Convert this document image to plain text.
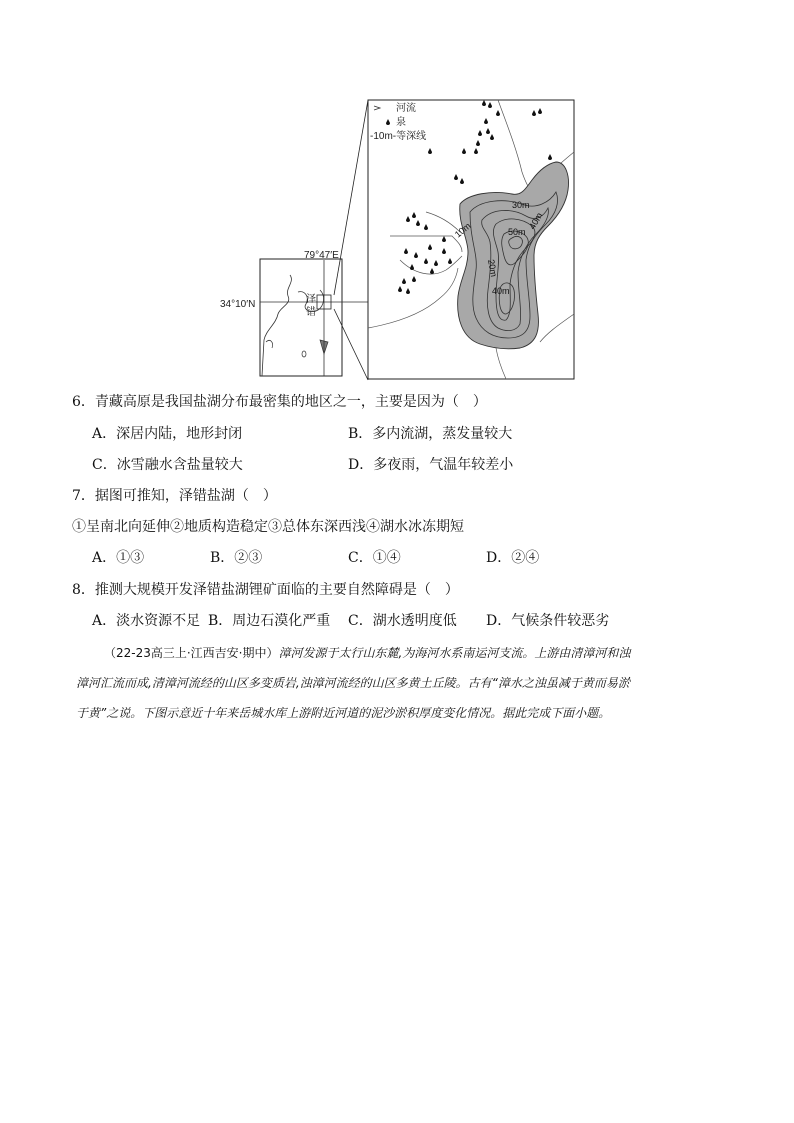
79°47′E
34°10′N	泽
错
30m
40m
10m	50m
20m
40m
河流
泉
-10m-等深线
6．青藏高原是我国盐湖分布最密集的地区之一，主要是因为（　）
A．深居内陆，地形封闭	B．多内流湖，蒸发量较大
C．冰雪融水含盐量较大	D．多夜雨，气温年较差小
7．据图可推知，泽错盐湖（　）
①呈南北向延伸②地质构造稳定③总体东深西浅④湖水冰冻期短
A．①③	B．②③	C．①④	D．②④
8．推测大规模开发泽错盐湖锂矿面临的主要自然障碍是（　）
A．淡水资源不足 B．周边石漠化严重 C．湖水透明度低 D．气候条件较恶劣
（22-23高三上·江西吉安·期中）漳河发源于太行山东麓,为海河水系南运河支流。上游由清漳河和浊
漳河汇流而成,清漳河流经的山区多变质岩,浊漳河流经的山区多黄土丘陵。古有“漳水之浊虽减于黄而易淤
于黄”之说。下图示意近十年来岳城水库上游附近河道的泥沙淤积厚度变化情况。据此完成下面小题。
